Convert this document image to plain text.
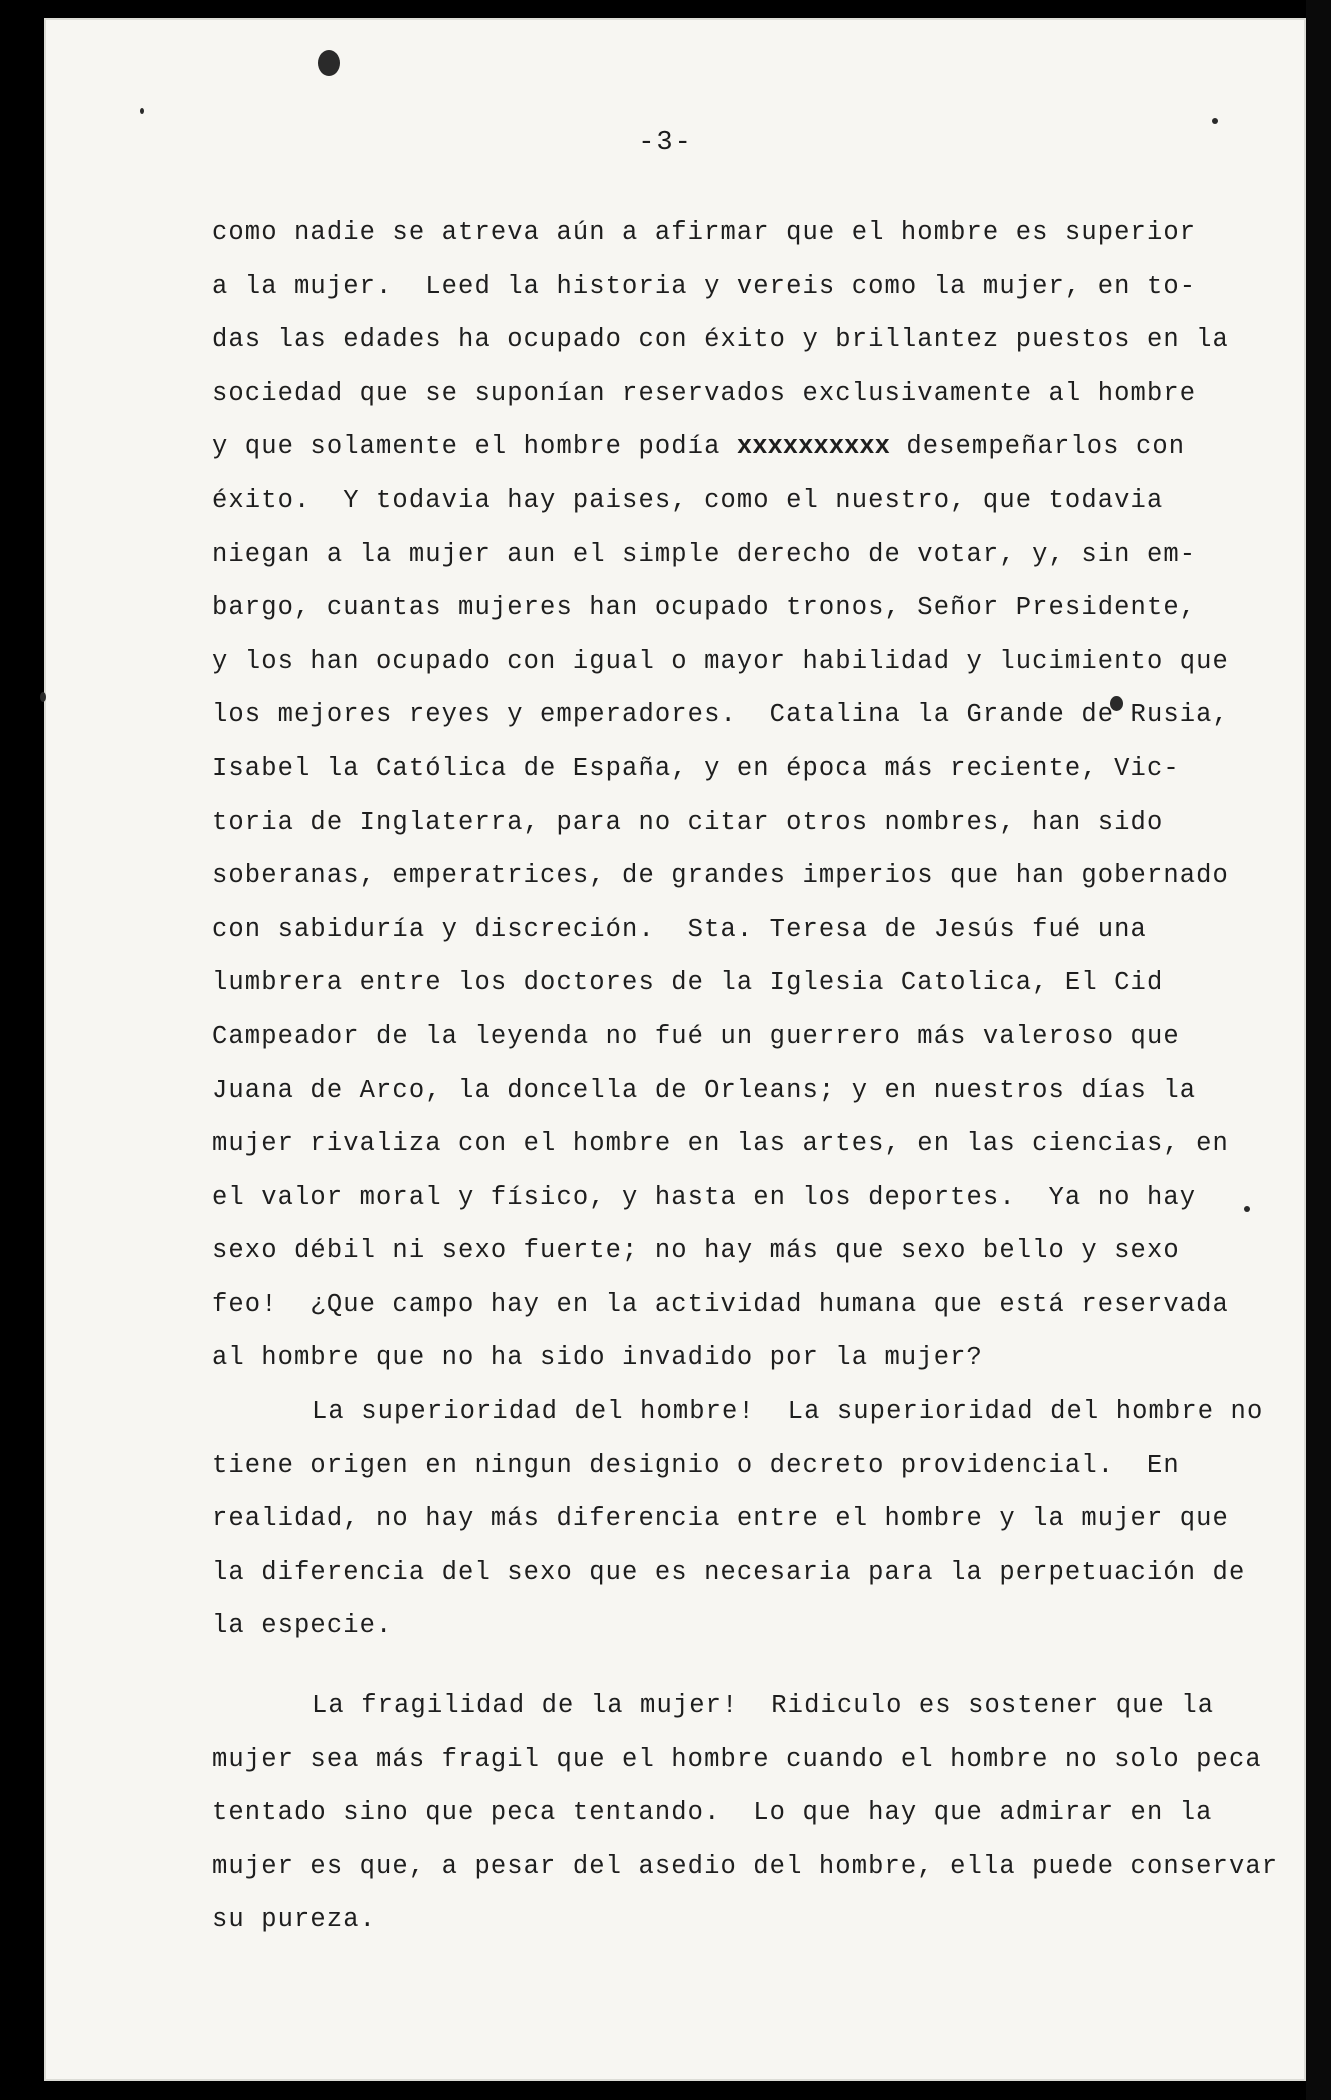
-3-
como nadie se atreva aún a afirmar que el hombre es superior
a la mujer.  Leed la historia y vereis como la mujer, en to-
das las edades ha ocupado con éxito y brillantez puestos en la
sociedad que se suponían reservados exclusivamente al hombre
y que solamente el hombre podía xxxxxxxxxx desempeñarlos con
éxito.  Y todavia hay paises, como el nuestro, que todavia
niegan a la mujer aun el simple derecho de votar, y, sin em-
bargo, cuantas mujeres han ocupado tronos, Señor Presidente,
y los han ocupado con igual o mayor habilidad y lucimiento que
los mejores reyes y emperadores.  Catalina la Grande de Rusia,
Isabel la Católica de España, y en época más reciente, Vic-
toria de Inglaterra, para no citar otros nombres, han sido
soberanas, emperatrices, de grandes imperios que han gobernado
con sabiduría y discreción.  Sta. Teresa de Jesús fué una
lumbrera entre los doctores de la Iglesia Catolica, El Cid
Campeador de la leyenda no fué un guerrero más valeroso que
Juana de Arco, la doncella de Orleans; y en nuestros días la
mujer rivaliza con el hombre en las artes, en las ciencias, en
el valor moral y físico, y hasta en los deportes.  Ya no hay
sexo débil ni sexo fuerte; no hay más que sexo bello y sexo
feo!  ¿Que campo hay en la actividad humana que está reservada
al hombre que no ha sido invadido por la mujer?
La superioridad del hombre!  La superioridad del hombre no
tiene origen en ningun designio o decreto providencial.  En
realidad, no hay más diferencia entre el hombre y la mujer que
la diferencia del sexo que es necesaria para la perpetuación de
la especie.
La fragilidad de la mujer!  Ridiculo es sostener que la
mujer sea más fragil que el hombre cuando el hombre no solo peca
tentado sino que peca tentando.  Lo que hay que admirar en la
mujer es que, a pesar del asedio del hombre, ella puede conservar
su pureza.
